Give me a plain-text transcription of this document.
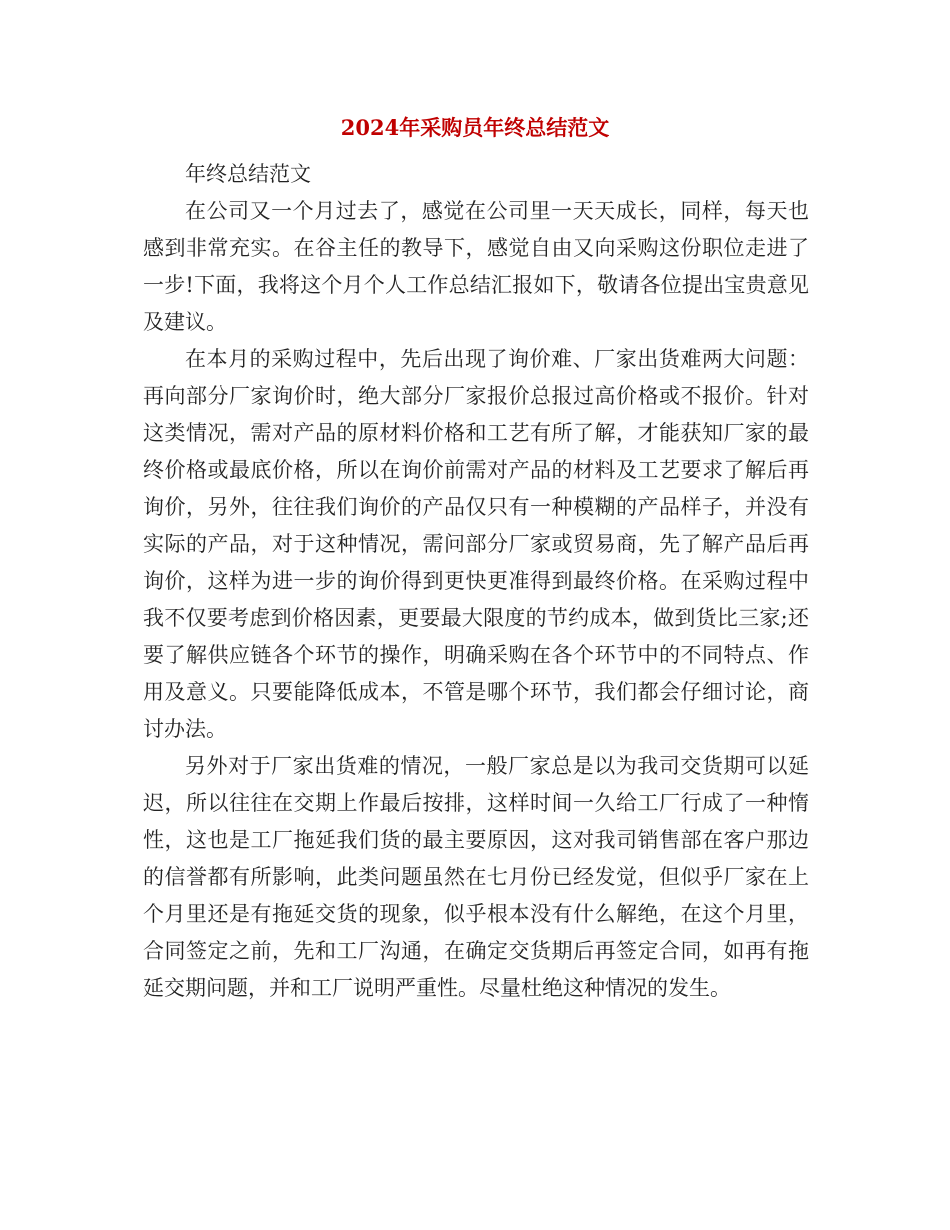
2024年采购员年终总结范文

年终总结范文

在公司又一个月过去了，感觉在公司里一天天成长，同样，每天也感到非常充实。在谷主任的教导下，感觉自由又向采购这份职位走进了一步!下面，我将这个月个人工作总结汇报如下，敬请各位提出宝贵意见及建议。

在本月的采购过程中，先后出现了询价难、厂家出货难两大问题：再向部分厂家询价时，绝大部分厂家报价总报过高价格或不报价。针对这类情况，需对产品的原材料价格和工艺有所了解，才能获知厂家的最终价格或最底价格，所以在询价前需对产品的材料及工艺要求了解后再询价，另外，往往我们询价的产品仅只有一种模糊的产品样子，并没有实际的产品，对于这种情况，需问部分厂家或贸易商，先了解产品后再询价，这样为进一步的询价得到更快更准得到最终价格。在采购过程中我不仅要考虑到价格因素，更要最大限度的节约成本，做到货比三家;还要了解供应链各个环节的操作，明确采购在各个环节中的不同特点、作用及意义。只要能降低成本，不管是哪个环节，我们都会仔细讨论，商讨办法。

另外对于厂家出货难的情况，一般厂家总是以为我司交货期可以延迟，所以往往在交期上作最后按排，这样时间一久给工厂行成了一种惰性，这也是工厂拖延我们货的最主要原因，这对我司销售部在客户那边的信誉都有所影响，此类问题虽然在七月份已经发觉，但似乎厂家在上个月里还是有拖延交货的现象，似乎根本没有什么解绝，在这个月里，合同签定之前，先和工厂沟通，在确定交货期后再签定合同，如再有拖延交期问题，并和工厂说明严重性。尽量杜绝这种情况的发生。
